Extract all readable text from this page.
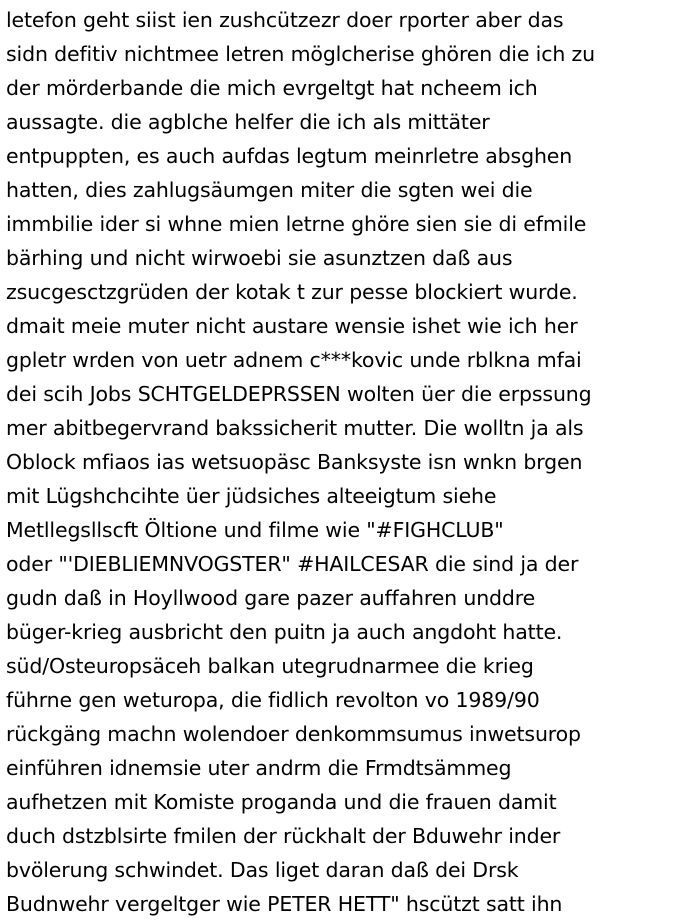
letefon geht siist ien zushcützezr doer rporter aber das
sidn defitiv nichtmee letren möglcherise ghören die ich zu
der mörderbande die mich evrgeltgt hat ncheem ich
aussagte. die agblche helfer die ich als mittäter
entpuppten, es auch aufdas legtum meinrletre absghen
hatten, dies zahlugsäumgen miter die sgten wei die
immbilie ider si whne mien letrne ghöre sien sie di efmile
bärhing und nicht wirwoebi sie asunztzen daß aus
zsucgesctzgrüden der kotak t zur pesse blockiert wurde.
dmait meie muter nicht austare wensie ishet wie ich her
gpletr wrden von uetr adnem c***kovic unde rblkna mfai
dei scih Jobs SCHTGELDEPRSSEN wolten üer die erpssung
mer abitbegervrand bakssicherit mutter. Die wolltn ja als
Oblock mfiaos ias wetsuopäsc Banksyste isn wnkn brgen
mit Lügshchcihte üer jüdsiches alteeigtum siehe
Metllegsllscft Öltione und filme wie "#FIGHCLUB"
oder "'DIEBLIEMNVOGSTER" #HAILCESAR die sind ja der
gudn daß in Hoyllwood gare pazer auffahren unddre
büger-krieg ausbricht den puitn ja auch angdoht hatte.
süd/Osteuropsäceh balkan utegrudnarmee die krieg
führne gen weturopa, die fidlich revolton vo 1989/90
rückgäng machn wolendoer denkommsumus inwetsurop
einführen idnemsie uter andrm die Frmdtsämmeg
aufhetzen mit Komiste proganda und die frauen damit
duch dstzblsirte fmilen der rückhalt der Bduwehr inder
bvölerung schwindet. Das liget daran daß dei Drsk
Budnwehr vergeltger wie PETER HETT" hscützt satt ihn
